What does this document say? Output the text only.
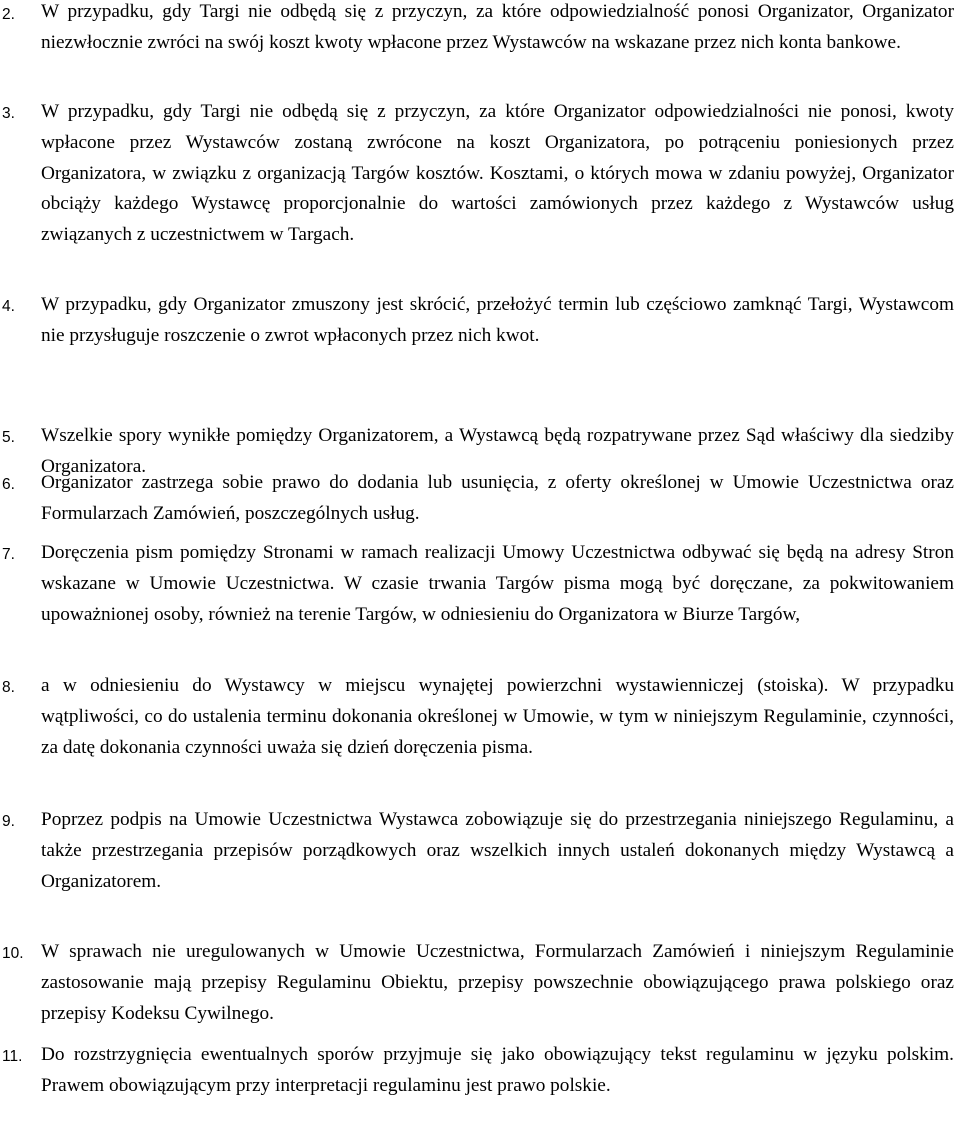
2. W przypadku, gdy Targi nie odbędą się z przyczyn, za które odpowiedzialność ponosi Organizator, Organizator niezwłocznie zwróci na swój koszt kwoty wpłacone przez Wystawców na wskazane przez nich konta bankowe.
3. W przypadku, gdy Targi nie odbędą się z przyczyn, za które Organizator odpowiedzialności nie ponosi, kwoty wpłacone przez Wystawców zostaną zwrócone na koszt Organizatora, po potrąceniu poniesionych przez Organizatora, w związku z organizacją Targów kosztów. Kosztami, o których mowa w zdaniu powyżej, Organizator obciąży każdego Wystawcę proporcjonalnie do wartości zamówionych przez każdego z Wystawców usług związanych z uczestnictwem w Targach.
4. W przypadku, gdy Organizator zmuszony jest skrócić, przełożyć termin lub częściowo zamknąć Targi, Wystawcom nie przysługuje roszczenie o zwrot wpłaconych przez nich kwot.
5. Wszelkie spory wynikłe pomiędzy Organizatorem, a Wystawcą będą rozpatrywane przez Sąd właściwy dla siedziby Organizatora.
6. Organizator zastrzega sobie prawo do dodania lub usunięcia, z oferty określonej w Umowie Uczestnictwa oraz Formularzach Zamówień, poszczególnych usług.
7. Doręczenia pism pomiędzy Stronami w ramach realizacji Umowy Uczestnictwa odbywać się będą na adresy Stron wskazane w Umowie Uczestnictwa. W czasie trwania Targów pisma mogą być doręczane, za pokwitowaniem upoważnionej osoby, również na terenie Targów, w odniesieniu do Organizatora w Biurze Targów,
8. a w odniesieniu do Wystawcy w miejscu wynajętej powierzchni wystawienniczej (stoiska). W przypadku wątpliwości, co do ustalenia terminu dokonania określonej w Umowie, w tym w niniejszym Regulaminie, czynności, za datę dokonania czynności uważa się dzień doręczenia pisma.
9. Poprzez podpis na Umowie Uczestnictwa Wystawca zobowiązuje się do przestrzegania niniejszego Regulaminu, a także przestrzegania przepisów porządkowych oraz wszelkich innych ustaleń dokonanych między Wystawcą a Organizatorem.
10. W sprawach nie uregulowanych w Umowie Uczestnictwa, Formularzach Zamówień i niniejszym Regulaminie zastosowanie mają przepisy Regulaminu Obiektu, przepisy powszechnie obowiązującego prawa polskiego oraz przepisy Kodeksu Cywilnego.
11. Do rozstrzygnięcia ewentualnych sporów przyjmuje się jako obowiązujący tekst regulaminu w języku polskim. Prawem obowiązującym przy interpretacji regulaminu jest prawo polskie.
